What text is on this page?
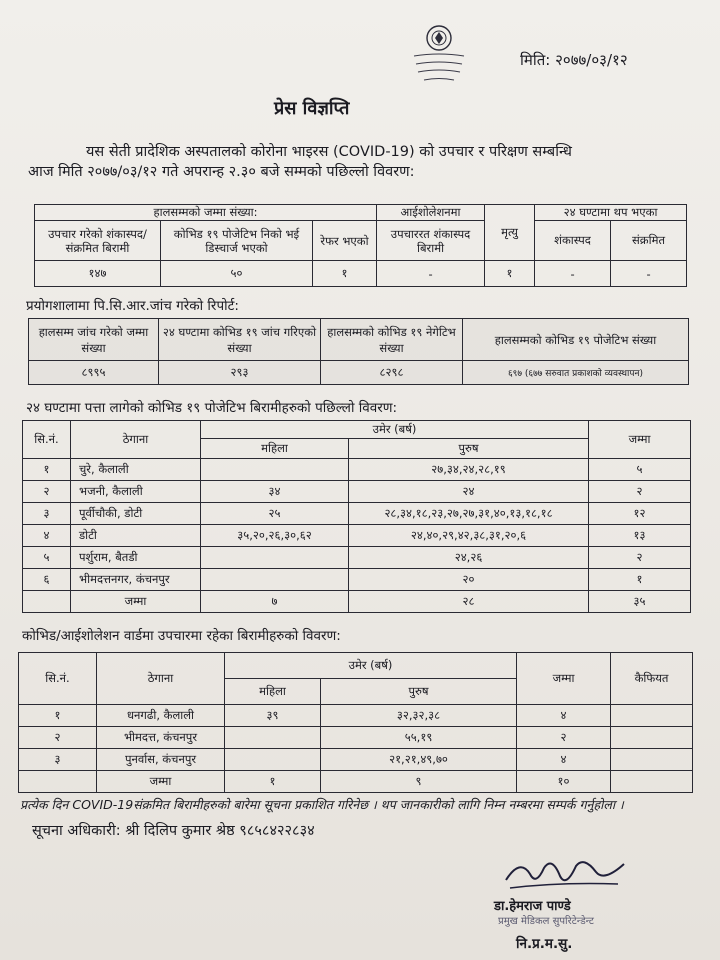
मिति: २०७७/०३/१२
प्रेस विज्ञप्ति
यस सेती प्रादेशिक अस्पतालको कोरोना भाइरस (COVID-19) को उपचार र परिक्षण सम्बन्धि
आज मिति २०७७/०३/१२ गते अपरान्ह २.३० बजे सम्मको पछिल्लो विवरण:
हालसम्मको जम्मा संख्या:			आईशोलेशनमा	मृत्यु	२४ घण्टामा थप भएका	
उपचार गरेको शंकास्पद/संक्रमित बिरामी	कोभिड १९ पोजेटिभ निको भई डिस्चार्ज भएको	रेफर भएको	उपचाररत शंकास्पद बिरामी		शंकास्पद	संक्रमित
१४७	५०	१	-	१	-	-
प्रयोगशालामा पि.सि.आर.जांच गरेको रिपोर्ट:
हालसम्म जांच गरेको जम्मा संख्या	२४ घण्टामा कोभिड १९ जांच गरिएको संख्या	हालसम्मको कोभिड १९ नेगेटिभ संख्या	हालसम्मको कोभिड १९ पोजेटिभ संख्या
८९९५	२९३	८२९८	६९७ (६७७ सरुवात प्रकाशको व्यवस्थापन)
२४ घण्टामा पत्ता लागेको कोभिड १९ पोजेटिभ बिरामीहरुको पछिल्लो विवरण:
सि.नं.	ठेगाना	उमेर (बर्ष)		जम्मा
		महिला	पुरुष	
१	चुरे, कैलाली		२७,३४,२४,२८,१९	५
२	भजनी, कैलाली	३४	२४	२
३	पूर्वीचौकी, डोटी	२५	२८,३४,१८,२३,२७,२७,३१,४०,१३,१८,१८	१२
४	डोटी	३५,२०,२६,३०,६२	२४,४०,२९,४२,३८,३१,२०,६	१३
५	पर्शुराम, बैतडी		२४,२६	२
६	भीमदत्तनगर, कंचनपुर		२०	१
	जम्मा	७	२८	३५
कोभिड/आईशोलेशन वार्डमा उपचारमा रहेका बिरामीहरुको विवरण:
सि.नं.	ठेगाना	उमेर (बर्ष)		जम्मा	कैफियत
		महिला	पुरुष		
१	धनगढी, कैलाली	३९	३२,३२,३८	४	
२	भीमदत्त, कंचनपुर		५५,१९	२	
३	पुनर्वास, कंचनपुर		२१,२१,४९,७०	४	
	जम्मा	१	९	१०	
प्रत्येक दिन COVID-19संक्रमित बिरामीहरुको बारेमा सूचना प्रकाशित गरिनेछ । थप जानकारीको लागि निम्न नम्बरमा सम्पर्क गर्नुहोला ।
सूचना अधिकारी: श्री दिलिप कुमार श्रेष्ठ ९८५८४२२८३४
डा.हेमराज पाण्डे
प्रमुख मेडिकल सुपरिटेन्डेन्ट
नि.प्र.म.सु.
